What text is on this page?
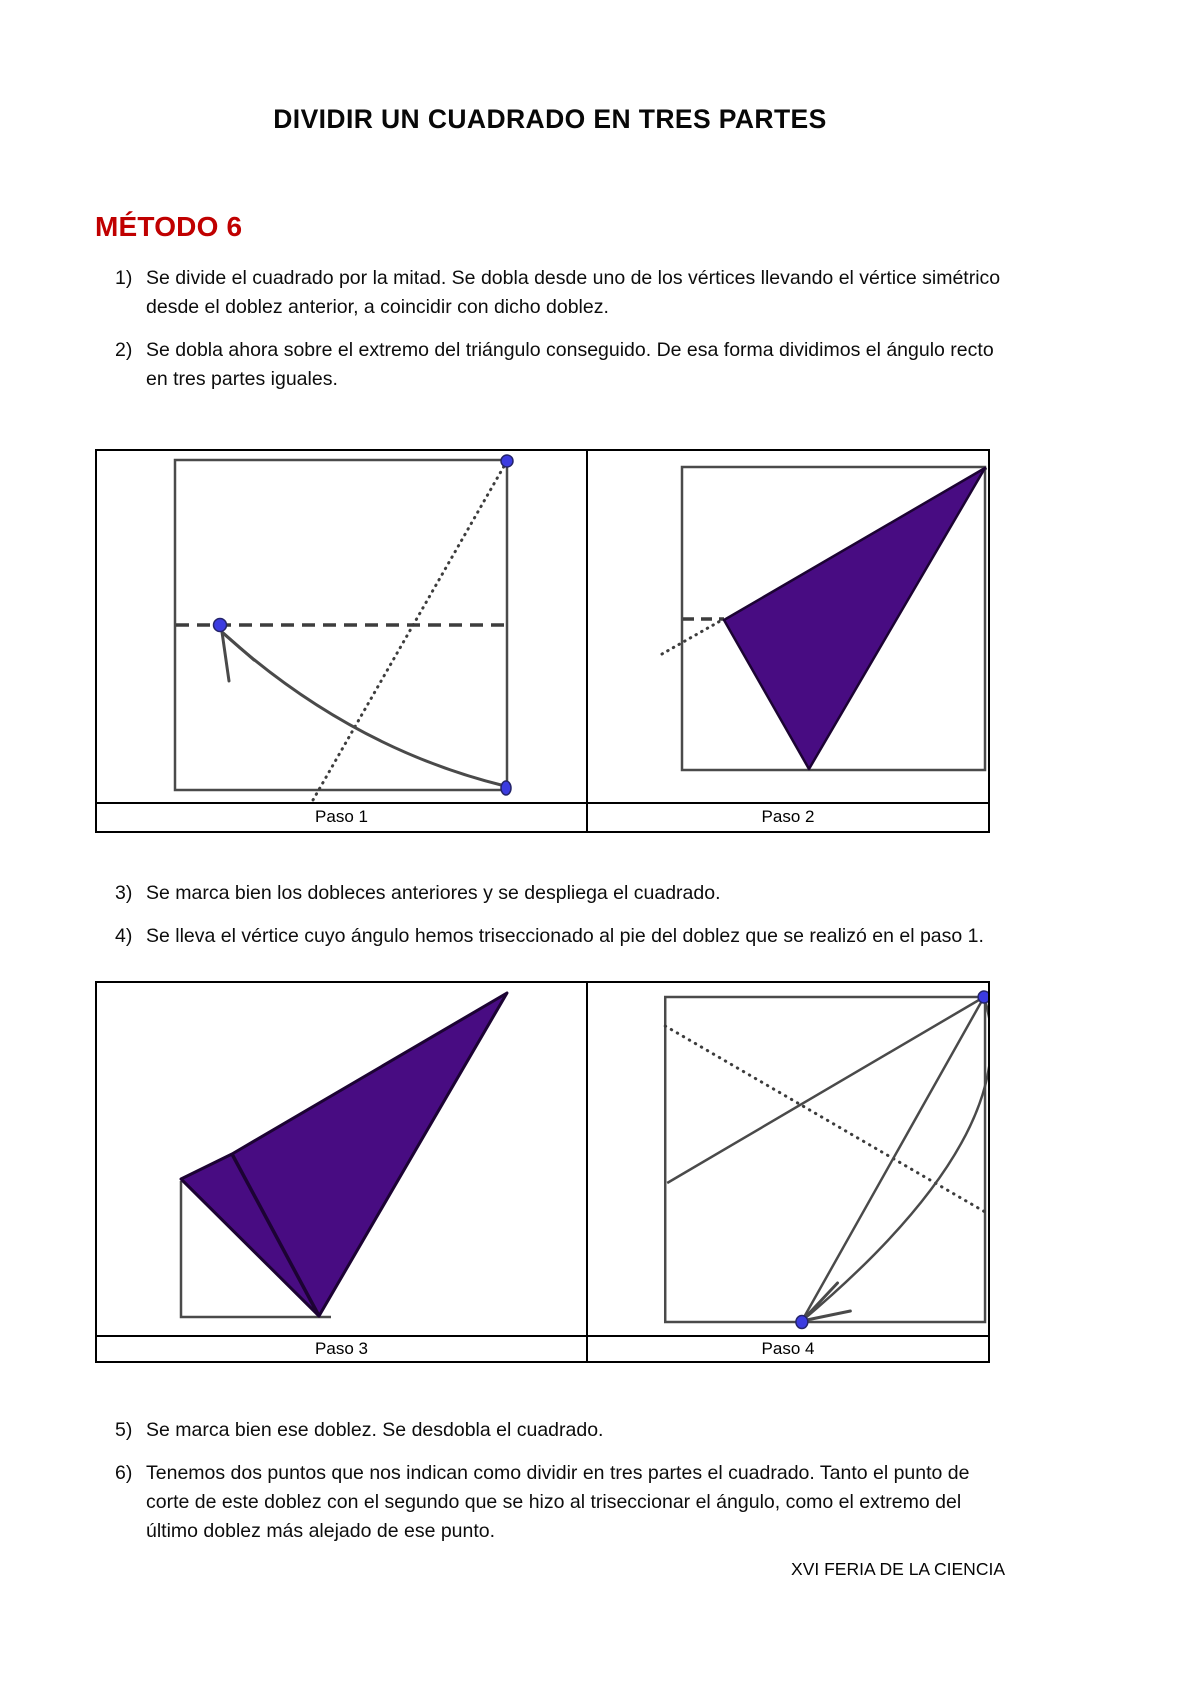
DIVIDIR UN CUADRADO EN TRES PARTES
MÉTODO 6
1) Se divide el cuadrado por la mitad. Se dobla desde uno de los vértices llevando el vértice simétrico desde el doblez anterior, a coincidir con dicho doblez.
2) Se dobla ahora sobre el extremo del triángulo conseguido. De esa forma dividimos el ángulo recto en tres partes iguales.
Paso 1	Paso 2
3) Se marca bien los dobleces anteriores y se despliega el cuadrado.
4) Se lleva el vértice cuyo ángulo hemos triseccionado al pie del doblez que se realizó en el paso 1.
Paso 3	Paso 4
5) Se marca bien ese doblez. Se desdobla el cuadrado.
6) Tenemos dos puntos que nos indican como dividir en tres partes el cuadrado. Tanto el punto de corte de este doblez con el segundo que se hizo al triseccionar el ángulo, como el extremo del último doblez más alejado de ese punto.
XVI FERIA DE LA CIENCIA
